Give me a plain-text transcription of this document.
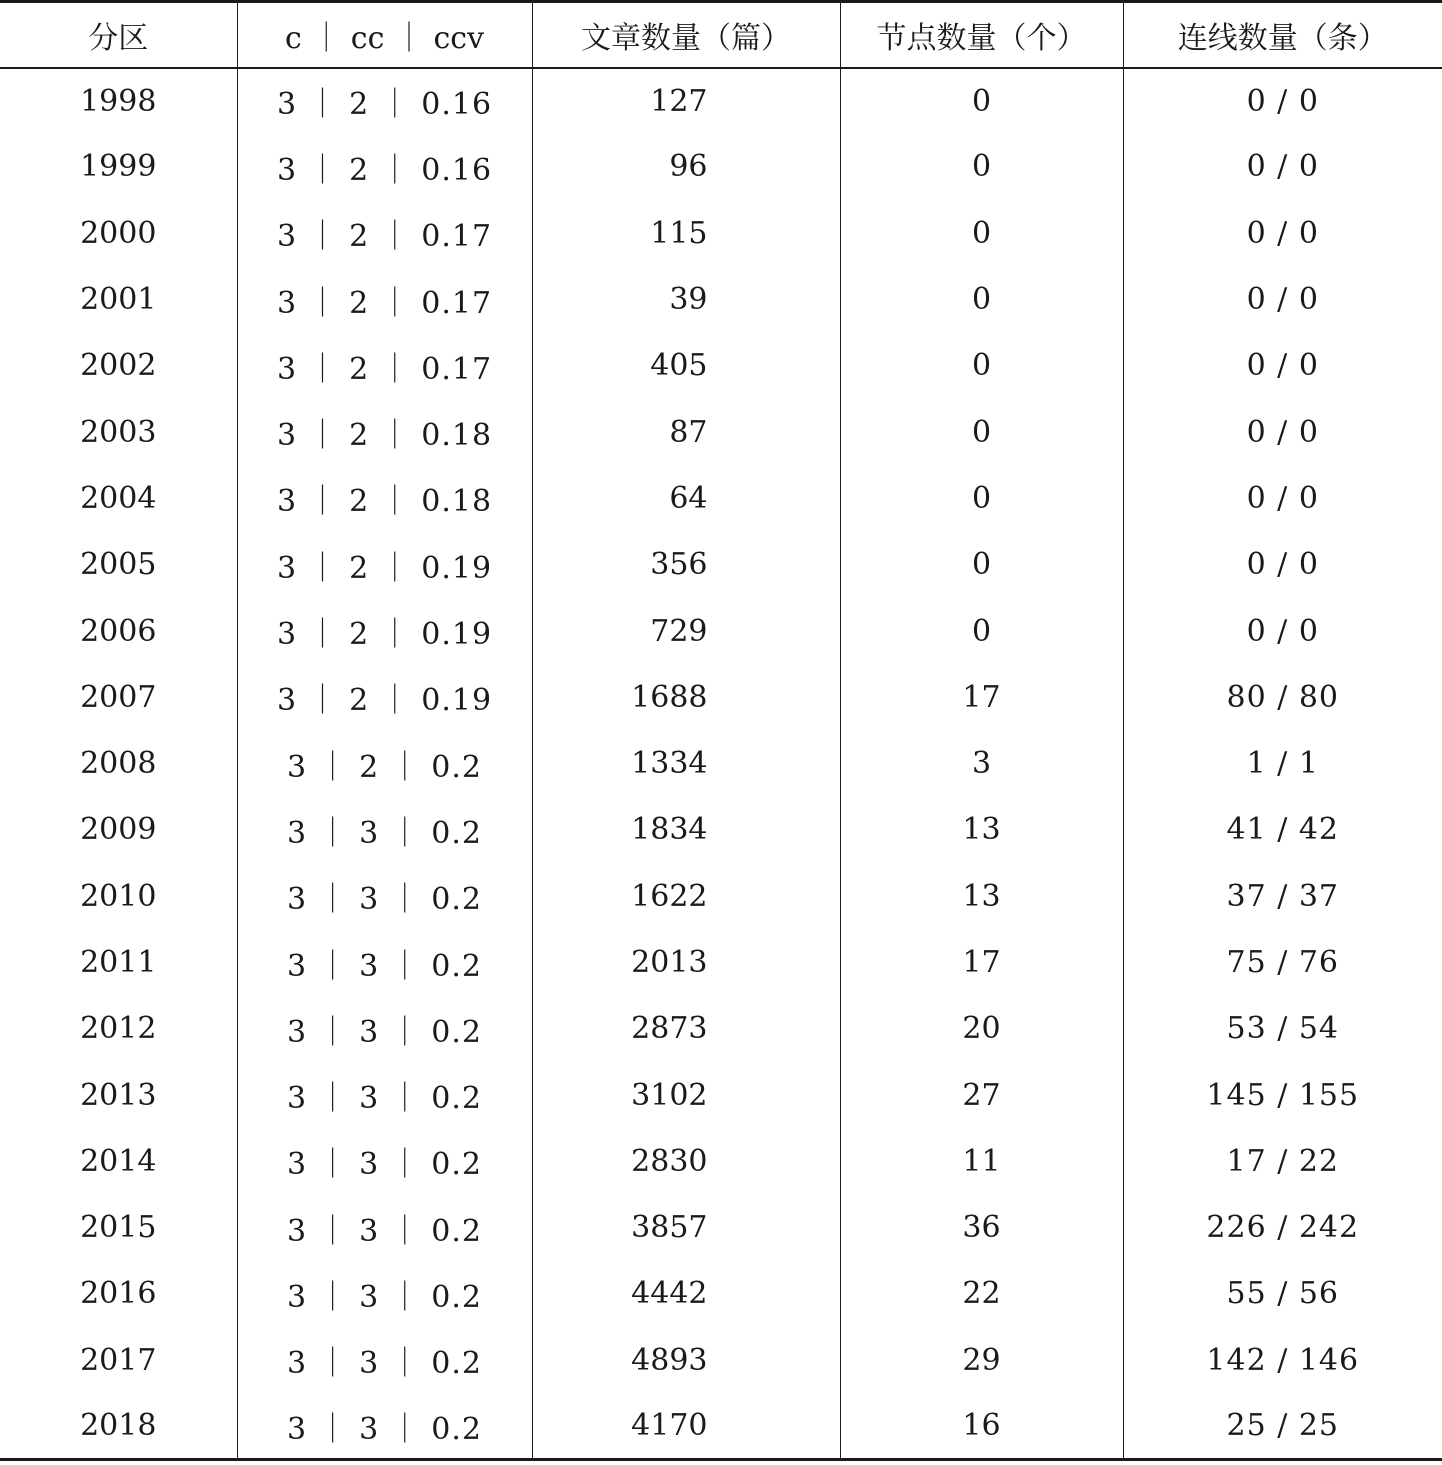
分区	c ｜ cc ｜ ccv	文章数量（篇）	节点数量（个）	连线数量（条）
1998	3 ｜ 2 ｜ 0.16	127	0	0 / 0
1999	3 ｜ 2 ｜ 0.16	96	0	0 / 0
2000	3 ｜ 2 ｜ 0.17	115	0	0 / 0
2001	3 ｜ 2 ｜ 0.17	39	0	0 / 0
2002	3 ｜ 2 ｜ 0.17	405	0	0 / 0
2003	3 ｜ 2 ｜ 0.18	87	0	0 / 0
2004	3 ｜ 2 ｜ 0.18	64	0	0 / 0
2005	3 ｜ 2 ｜ 0.19	356	0	0 / 0
2006	3 ｜ 2 ｜ 0.19	729	0	0 / 0
2007	3 ｜ 2 ｜ 0.19	1688	17	80 / 80
2008	3 ｜ 2 ｜ 0.2	1334	3	1 / 1
2009	3 ｜ 3 ｜ 0.2	1834	13	41 / 42
2010	3 ｜ 3 ｜ 0.2	1622	13	37 / 37
2011	3 ｜ 3 ｜ 0.2	2013	17	75 / 76
2012	3 ｜ 3 ｜ 0.2	2873	20	53 / 54
2013	3 ｜ 3 ｜ 0.2	3102	27	145 / 155
2014	3 ｜ 3 ｜ 0.2	2830	11	17 / 22
2015	3 ｜ 3 ｜ 0.2	3857	36	226 / 242
2016	3 ｜ 3 ｜ 0.2	4442	22	55 / 56
2017	3 ｜ 3 ｜ 0.2	4893	29	142 / 146
2018	3 ｜ 3 ｜ 0.2	4170	16	25 / 25
